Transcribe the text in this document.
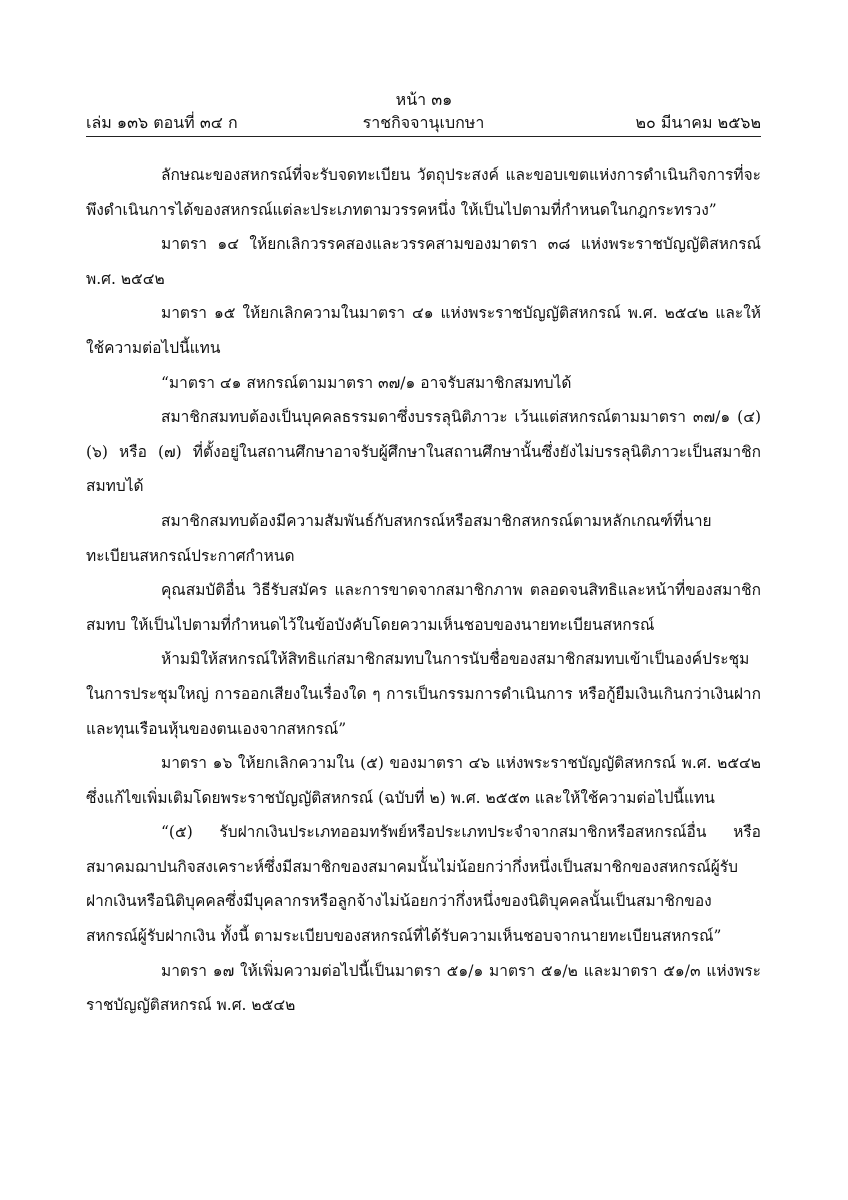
หน้า ๓๑
เล่ม ๑๓๖ ตอนที่ ๓๔ ก	ราชกิจจานุเบกษา	๒๐ มีนาคม ๒๕๖๒

ลักษณะของสหกรณ์ที่จะรับจดทะเบียน วัตถุประสงค์ และขอบเขตแห่งการดำเนินกิจการที่จะพึงดำเนินการได้ของสหกรณ์แต่ละประเภทตามวรรคหนึ่ง ให้เป็นไปตามที่กำหนดในกฎกระทรวง”

มาตรา ๑๔ ให้ยกเลิกวรรคสองและวรรคสามของมาตรา ๓๘ แห่งพระราชบัญญัติสหกรณ์ พ.ศ. ๒๕๔๒

มาตรา ๑๕ ให้ยกเลิกความในมาตรา ๔๑ แห่งพระราชบัญญัติสหกรณ์ พ.ศ. ๒๕๔๒ และให้ใช้ความต่อไปนี้แทน

“มาตรา ๔๑ สหกรณ์ตามมาตรา ๓๗/๑ อาจรับสมาชิกสมทบได้

สมาชิกสมทบต้องเป็นบุคคลธรรมดาซึ่งบรรลุนิติภาวะ เว้นแต่สหกรณ์ตามมาตรา ๓๗/๑ (๔) (๖) หรือ (๗) ที่ตั้งอยู่ในสถานศึกษาอาจรับผู้ศึกษาในสถานศึกษานั้นซึ่งยังไม่บรรลุนิติภาวะเป็นสมาชิกสมทบได้

สมาชิกสมทบต้องมีความสัมพันธ์กับสหกรณ์หรือสมาชิกสหกรณ์ตามหลักเกณฑ์ที่นายทะเบียนสหกรณ์ประกาศกำหนด

คุณสมบัติอื่น วิธีรับสมัคร และการขาดจากสมาชิกภาพ ตลอดจนสิทธิและหน้าที่ของสมาชิกสมทบ ให้เป็นไปตามที่กำหนดไว้ในข้อบังคับโดยความเห็นชอบของนายทะเบียนสหกรณ์

ห้ามมิให้สหกรณ์ให้สิทธิแก่สมาชิกสมทบในการนับชื่อของสมาชิกสมทบเข้าเป็นองค์ประชุมในการประชุมใหญ่ การออกเสียงในเรื่องใด ๆ การเป็นกรรมการดำเนินการ หรือกู้ยืมเงินเกินกว่าเงินฝากและทุนเรือนหุ้นของตนเองจากสหกรณ์”

มาตรา ๑๖ ให้ยกเลิกความใน (๕) ของมาตรา ๔๖ แห่งพระราชบัญญัติสหกรณ์ พ.ศ. ๒๕๔๒ ซึ่งแก้ไขเพิ่มเติมโดยพระราชบัญญัติสหกรณ์ (ฉบับที่ ๒) พ.ศ. ๒๕๕๓ และให้ใช้ความต่อไปนี้แทน

“(๕) รับฝากเงินประเภทออมทรัพย์หรือประเภทประจำจากสมาชิกหรือสหกรณ์อื่น หรือสมาคมฌาปนกิจสงเคราะห์ซึ่งมีสมาชิกของสมาคมนั้นไม่น้อยกว่ากึ่งหนึ่งเป็นสมาชิกของสหกรณ์ผู้รับฝากเงินหรือนิติบุคคลซึ่งมีบุคลากรหรือลูกจ้างไม่น้อยกว่ากึ่งหนึ่งของนิติบุคคลนั้นเป็นสมาชิกของสหกรณ์ผู้รับฝากเงิน ทั้งนี้ ตามระเบียบของสหกรณ์ที่ได้รับความเห็นชอบจากนายทะเบียนสหกรณ์”

มาตรา ๑๗ ให้เพิ่มความต่อไปนี้เป็นมาตรา ๕๑/๑ มาตรา ๕๑/๒ และมาตรา ๕๑/๓ แห่งพระราชบัญญัติสหกรณ์ พ.ศ. ๒๕๔๒
